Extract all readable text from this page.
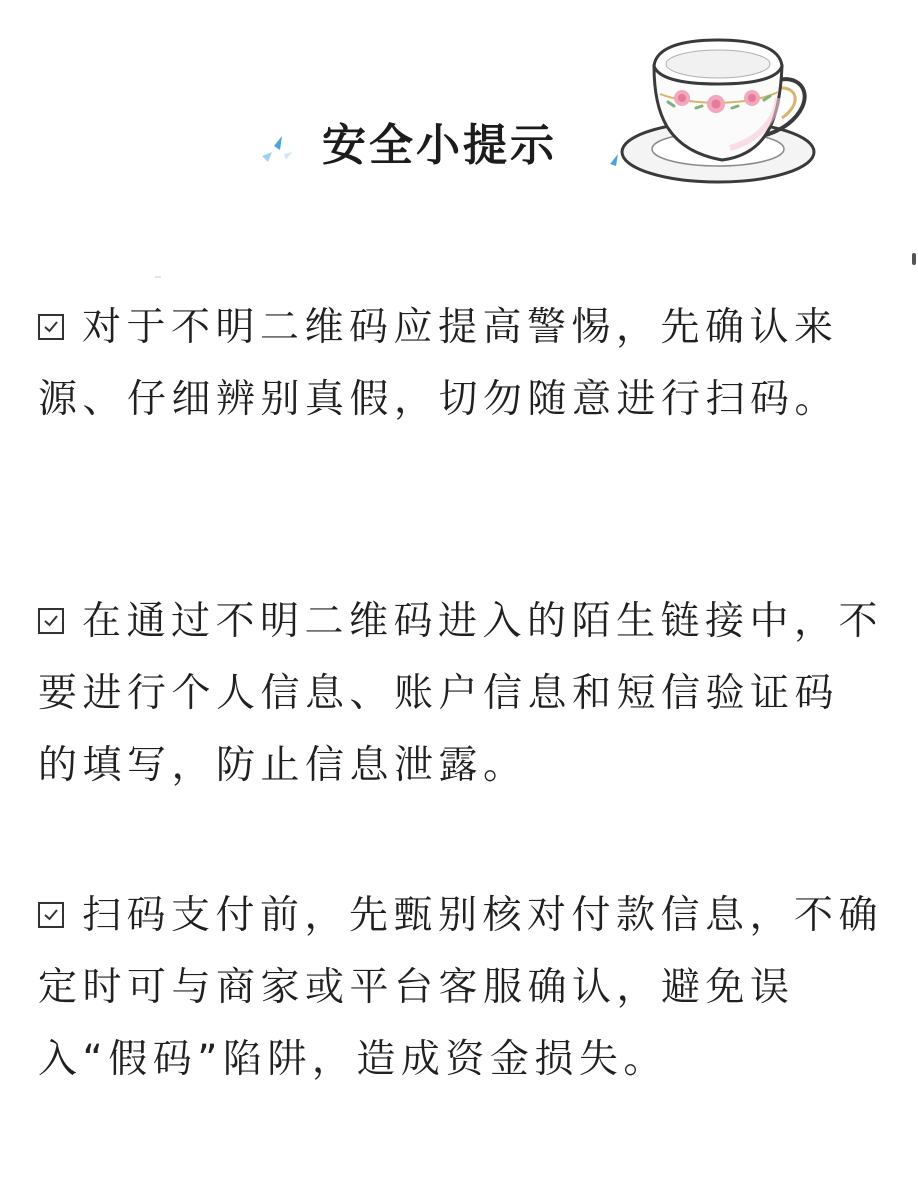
安全小提示
对于不明二维码应提高警惕，先确认来源、仔细辨别真假，切勿随意进行扫码。
在通过不明二维码进入的陌生链接中，不要进行个人信息、账户信息和短信验证码的填写，防止信息泄露。
扫码支付前，先甄别核对付款信息，不确定时可与商家或平台客服确认，避免误入“假码”陷阱，造成资金损失。
